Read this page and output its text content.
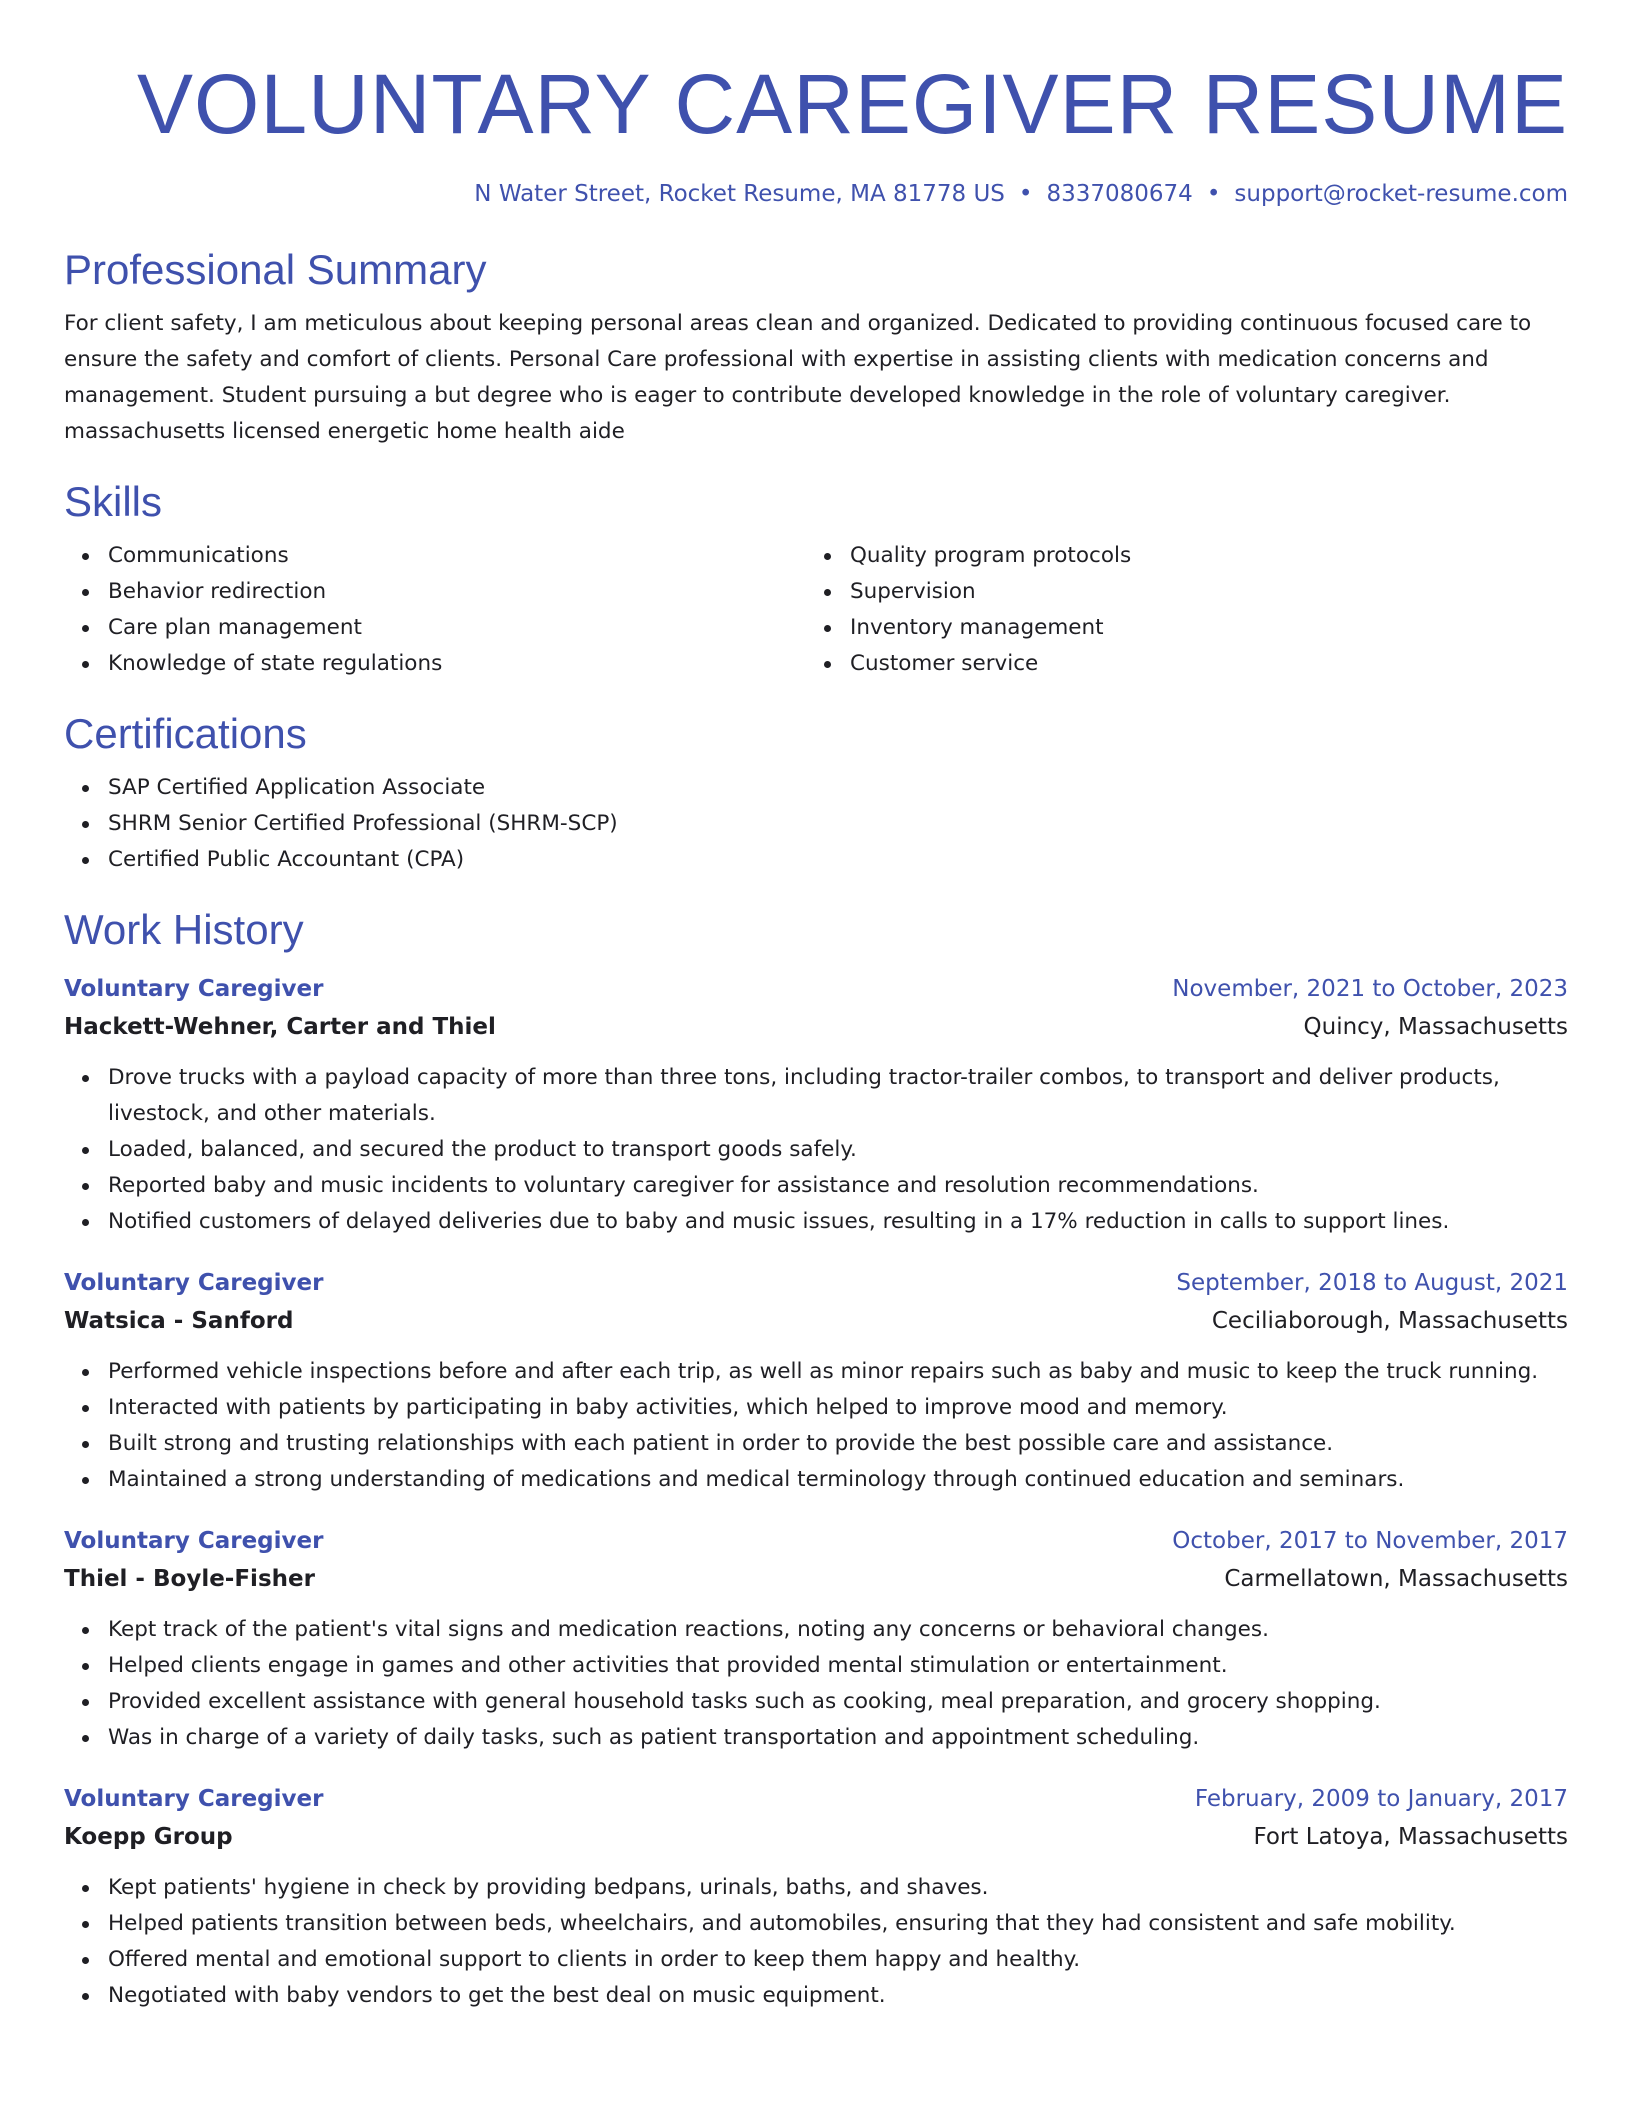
VOLUNTARY CAREGIVER RESUME
N Water Street, Rocket Resume, MA 81778 US • 8337080674 • support@rocket-resume.com
Professional Summary

For client safety, I am meticulous about keeping personal areas clean and organized. Dedicated to providing continuous focused care to ensure the safety and comfort of clients. Personal Care professional with expertise in assisting clients with medication concerns and management. Student pursuing a but degree who is eager to contribute developed knowledge in the role of voluntary caregiver. massachusetts licensed energetic home health aide

Skills
Communications
Behavior redirection
Care plan management
Knowledge of state regulations
Quality program protocols
Supervision
Inventory management
Customer service
Certifications
SAP Certified Application Associate
SHRM Senior Certified Professional (SHRM-SCP)
Certified Public Accountant (CPA)
Work History
Voluntary Caregiver	November, 2021 to October, 2023
Hackett-Wehner, Carter and Thiel	Quincy, Massachusetts
Drove trucks with a payload capacity of more than three tons, including tractor-trailer combos, to transport and deliver products, livestock, and other materials.
Loaded, balanced, and secured the product to transport goods safely.
Reported baby and music incidents to voluntary caregiver for assistance and resolution recommendations.
Notified customers of delayed deliveries due to baby and music issues, resulting in a 17% reduction in calls to support lines.
Voluntary Caregiver	September, 2018 to August, 2021
Watsica - Sanford	Ceciliaborough, Massachusetts
Performed vehicle inspections before and after each trip, as well as minor repairs such as baby and music to keep the truck running.
Interacted with patients by participating in baby activities, which helped to improve mood and memory.
Built strong and trusting relationships with each patient in order to provide the best possible care and assistance.
Maintained a strong understanding of medications and medical terminology through continued education and seminars.
Voluntary Caregiver	October, 2017 to November, 2017
Thiel - Boyle-Fisher	Carmellatown, Massachusetts
Kept track of the patient's vital signs and medication reactions, noting any concerns or behavioral changes.
Helped clients engage in games and other activities that provided mental stimulation or entertainment.
Provided excellent assistance with general household tasks such as cooking, meal preparation, and grocery shopping.
Was in charge of a variety of daily tasks, such as patient transportation and appointment scheduling.
Voluntary Caregiver	February, 2009 to January, 2017
Koepp Group	Fort Latoya, Massachusetts
Kept patients' hygiene in check by providing bedpans, urinals, baths, and shaves.
Helped patients transition between beds, wheelchairs, and automobiles, ensuring that they had consistent and safe mobility.
Offered mental and emotional support to clients in order to keep them happy and healthy.
Negotiated with baby vendors to get the best deal on music equipment.
